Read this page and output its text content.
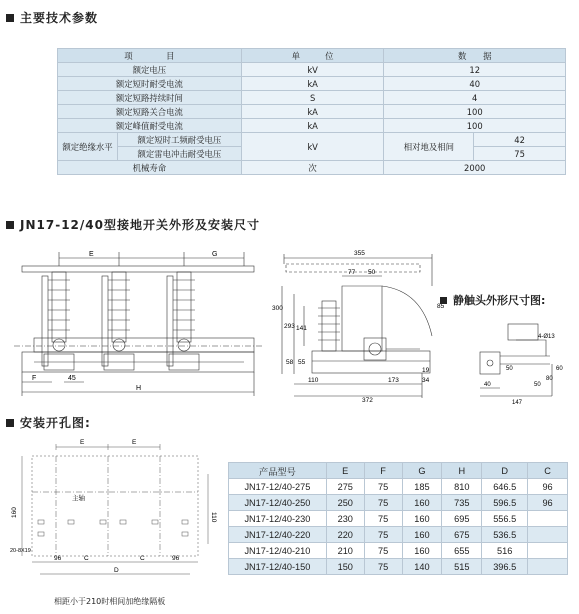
主要技术参数
项　　　　目		单　　　位	数　　据	
额定电压		kV	12	
额定短时耐受电流		kA	40	
额定短路持续时间		S	4	
额定短路关合电流		kA	100	
额定峰值耐受电流		kA	100	
额定绝缘水平	额定短时工频耐受电压	kV	相对地及相间	42
	额定雷电冲击耐受电压			75
机械寿命		次	2000	
JN17-12/40型接地开关外形及安装尺寸
E	G
F	45
H
355
77 50
300
293 141
58 55
85
110	173	34
19
372
静触头外形尺寸图:
4-Ø13
40
147
50	60
80
50
安装开孔图:
E	E
主轴
160	110
96	96
C	C
D
20-8X19
相距小于210时相间加绝缘隔板
产品型号	E	F	G	H	D	C
JN17-12/40-275	275	75	185	810	646.5	96
JN17-12/40-250	250	75	160	735	596.5	96
JN17-12/40-230	230	75	160	695	556.5	
JN17-12/40-220	220	75	160	675	536.5	
JN17-12/40-210	210	75	160	655	516	
JN17-12/40-150	150	75	140	515	396.5	
